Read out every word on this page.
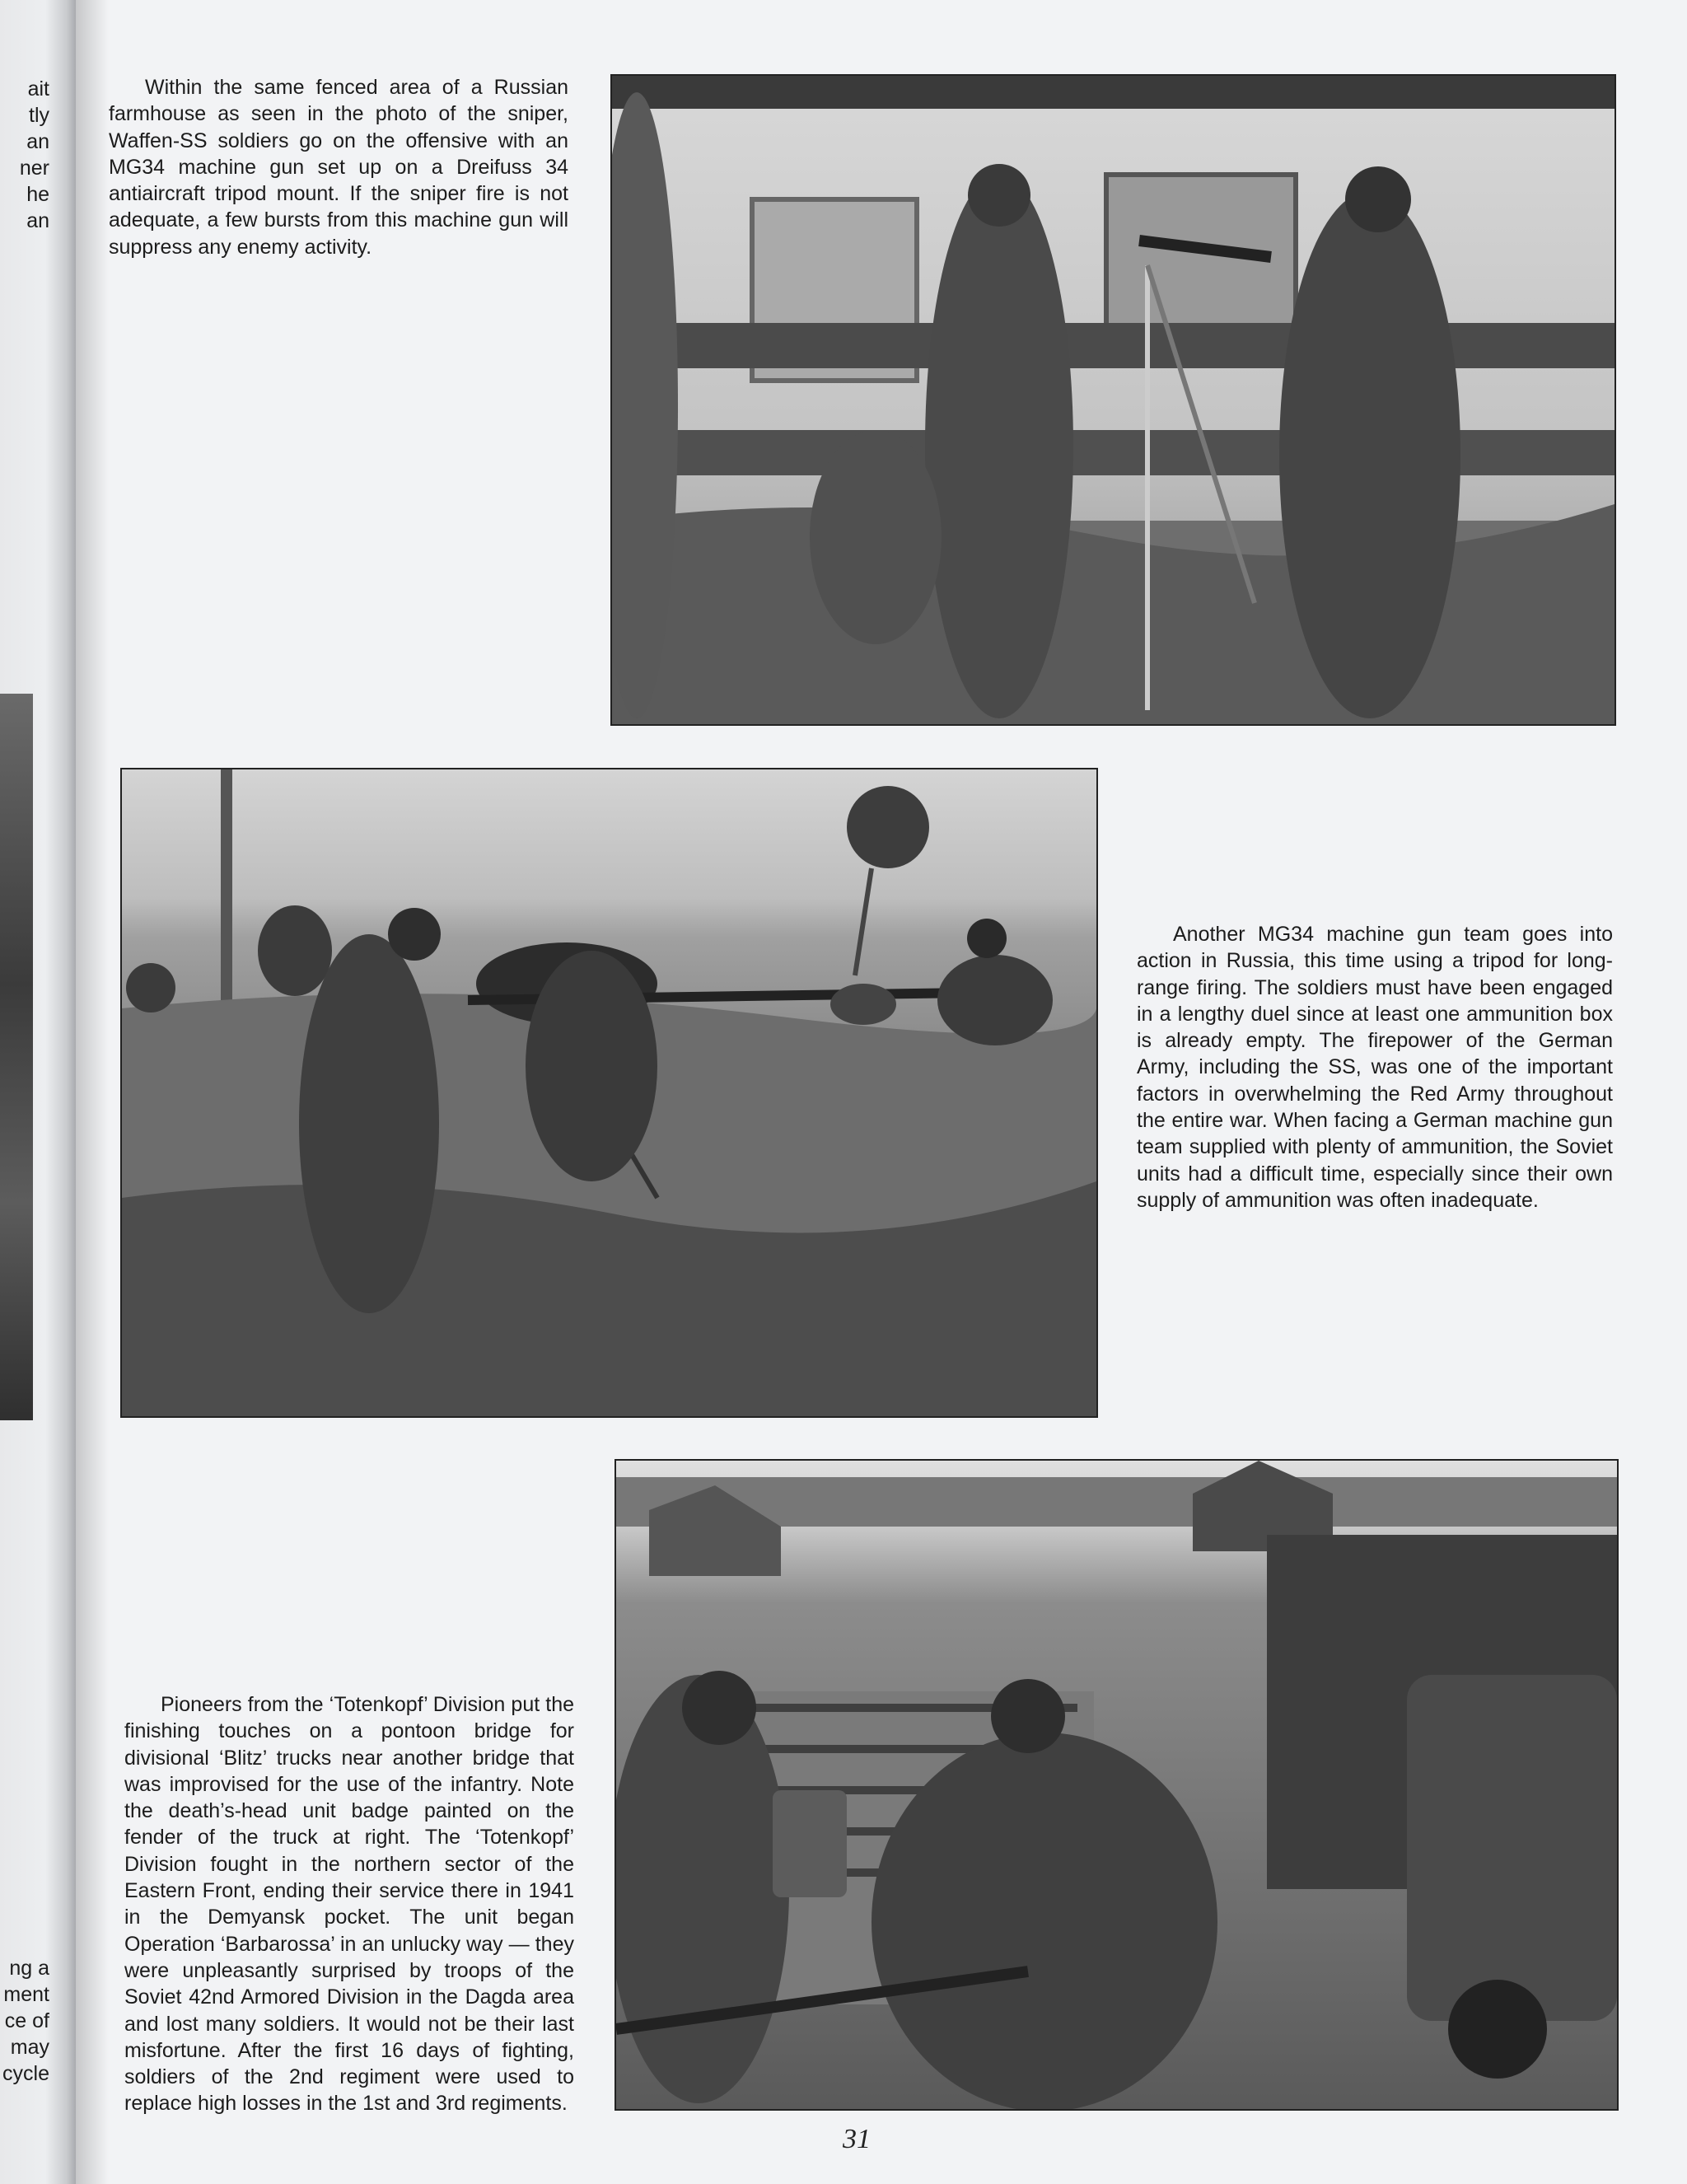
ait
tly
an
ner
he
an
ng a
ment
ce of
may
cycle

Within the same fenced area of a Russian farmhouse as seen in the photo of the sniper, Waffen-SS soldiers go on the offensive with an MG34 machine gun set up on a Dreifuss 34 antiaircraft tripod mount. If the sniper fire is not adequate, a few bursts from this machine gun will suppress any enemy activity.

Another MG34 machine gun team goes into action in Russia, this time using a tripod for long-range firing. The soldiers must have been engaged in a lengthy duel since at least one ammunition box is already empty. The firepower of the German Army, including the SS, was one of the important factors in overwhelming the Red Army throughout the entire war. When facing a German machine gun team supplied with plenty of ammunition, the Soviet units had a difficult time, especially since their own supply of ammunition was often inadequate.

Pioneers from the ‘Totenkopf’ Division put the finishing touches on a pontoon bridge for divisional ‘Blitz’ trucks near another bridge that was improvised for the use of the infantry. Note the death’s-head unit badge painted on the fender of the truck at right. The ‘Totenkopf’ Division fought in the northern sector of the Eastern Front, ending their service there in 1941 in the Demyansk pocket. The unit began Operation ‘Barbarossa’ in an unlucky way — they were unpleasantly surprised by troops of the Soviet 42nd Armored Division in the Dagda area and lost many soldiers. It would not be their last misfortune. After the first 16 days of fighting, soldiers of the 2nd regiment were used to replace high losses in the 1st and 3rd regiments.

31
